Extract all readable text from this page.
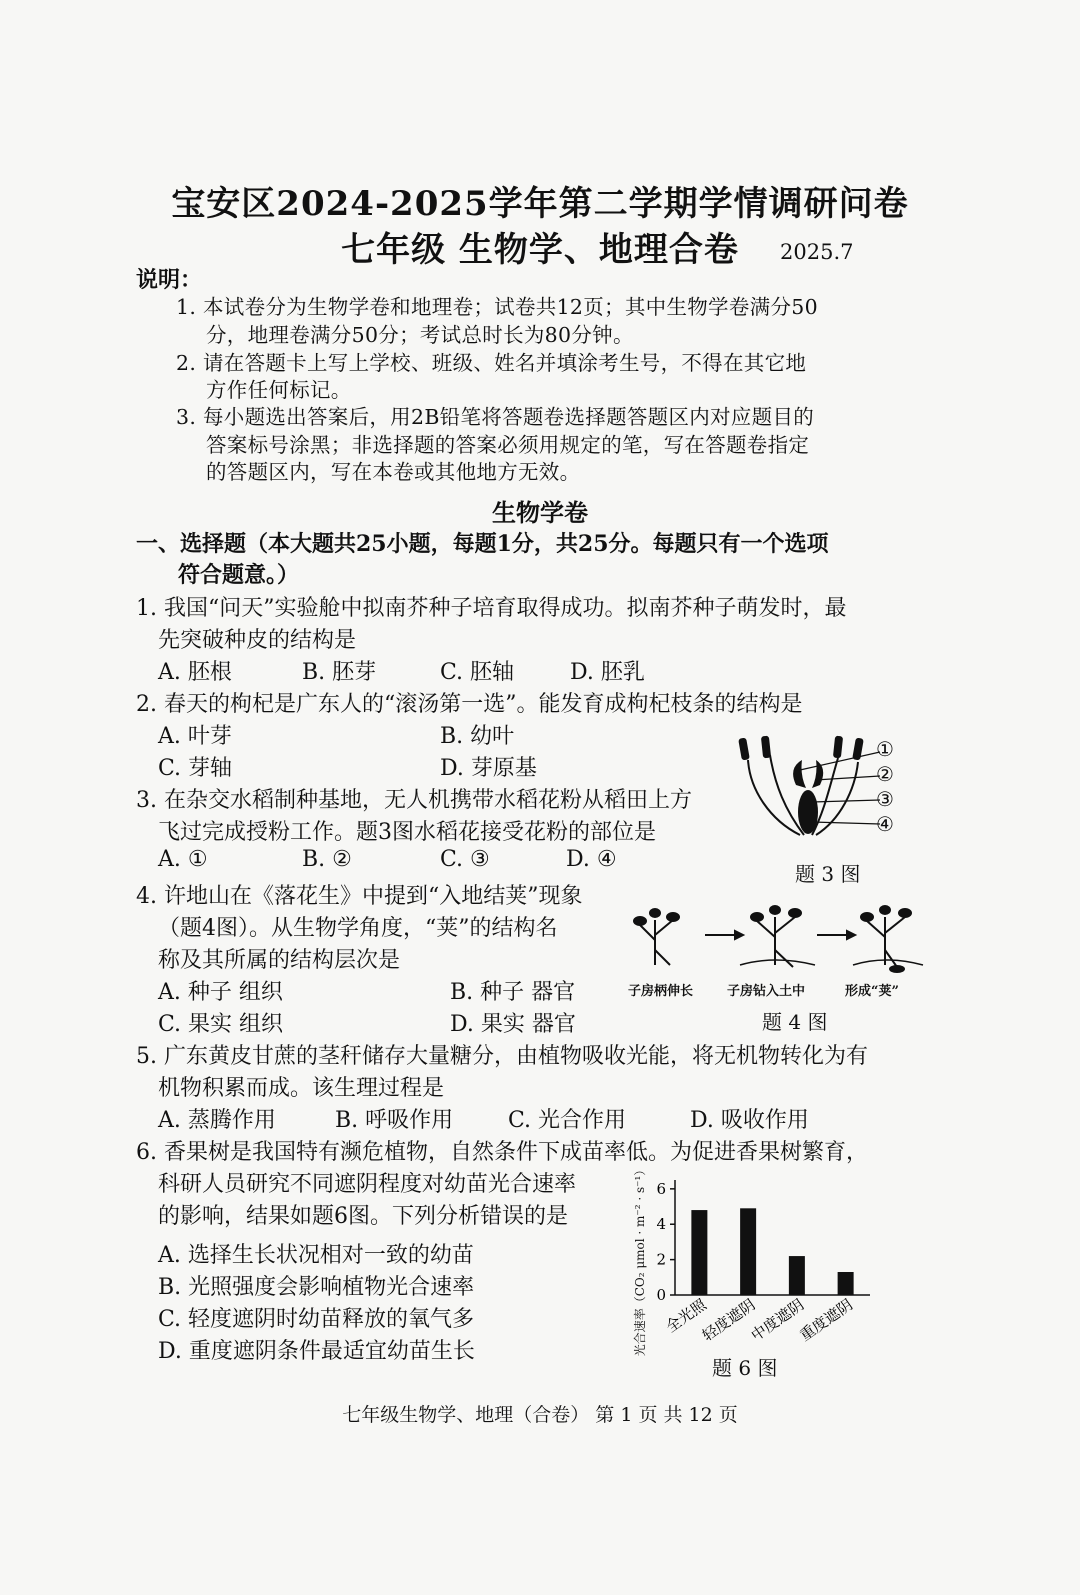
宝安区2024-2025学年第二学期学情调研问卷
七年级 生物学、地理合卷	2025.7
说明：
1. 本试卷分为生物学卷和地理卷；试卷共12页；其中生物学卷满分50
分，地理卷满分50分；考试总时长为80分钟。
2. 请在答题卡上写上学校、班级、姓名并填涂考生号，不得在其它地
方作任何标记。
3. 每小题选出答案后，用2B铅笔将答题卷选择题答题区内对应题目的
答案标号涂黑；非选择题的答案必须用规定的笔，写在答题卷指定
的答题区内，写在本卷或其他地方无效。
生物学卷
一、选择题（本大题共25小题，每题1分，共25分。每题只有一个选项
符合题意。）
1. 我国“问天”实验舱中拟南芥种子培育取得成功。拟南芥种子萌发时，最
先突破种皮的结构是
A. 胚根	B. 胚芽	C. 胚轴	D. 胚乳
2. 春天的枸杞是广东人的“滚汤第一选”。能发育成枸杞枝条的结构是
A. 叶芽	B. 幼叶
C. 芽轴	D. 芽原基
3. 在杂交水稻制种基地，无人机携带水稻花粉从稻田上方
飞过完成授粉工作。题3图水稻花接受花粉的部位是
A. ①	B. ②	C. ③	D. ④
①
②
③
④
题 3 图
4. 许地山在《落花生》中提到“入地结荚”现象
（题4图）。从生物学角度，“荚”的结构名
称及其所属的结构层次是
A. 种子 组织	B. 种子 器官
C. 果实 组织	D. 果实 器官
子房柄伸长	子房钻入土中	形成“荚”
题 4 图
5. 广东黄皮甘蔗的茎秆储存大量糖分，由植物吸收光能，将无机物转化为有
机物积累而成。该生理过程是
A. 蒸腾作用	B. 呼吸作用 C. 光合作用	D. 吸收作用
6. 香果树是我国特有濒危植物，自然条件下成苗率低。为促进香果树繁育，
科研人员研究不同遮阴程度对幼苗光合速率
的影响，结果如题6图。下列分析错误的是
A. 选择生长状况相对一致的幼苗
B. 光照强度会影响植物光合速率
C. 轻度遮阴时幼苗释放的氧气多
D. 重度遮阴条件最适宜幼苗生长	光合速率（CO₂ μmol · m⁻² · s⁻¹） 0
2
4
6
全光照
轻度遮阴
中度遮阴
重度遮阴
题 6 图
七年级生物学、地理（合卷） 第 1 页 共 12 页
